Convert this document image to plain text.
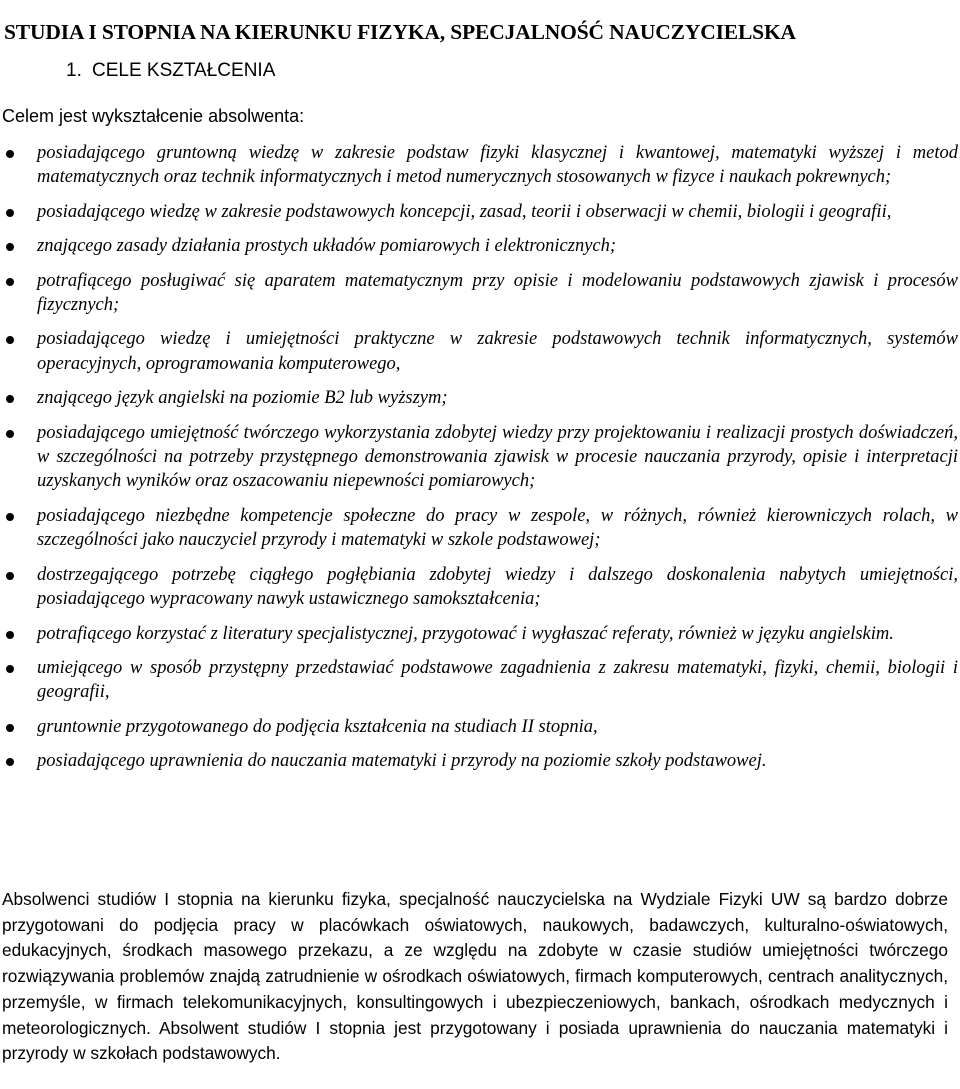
STUDIA I STOPNIA NA KIERUNKU FIZYKA, SPECJALNOŚĆ NAUCZYCIELSKA
1. CELE KSZTAŁCENIA
Celem jest wykształcenie absolwenta:
posiadającego gruntowną wiedzę w zakresie podstaw fizyki klasycznej i kwantowej, matematyki wyższej i metod matematycznych oraz technik informatycznych i metod numerycznych stosowanych w fizyce i naukach pokrewnych;
posiadającego wiedzę w zakresie podstawowych koncepcji, zasad, teorii i obserwacji w chemii, biologii i geografii,
znającego zasady działania prostych układów pomiarowych i elektronicznych;
potrafiącego posługiwać się aparatem matematycznym przy opisie i modelowaniu podstawowych zjawisk i procesów fizycznych;
posiadającego wiedzę i umiejętności praktyczne w zakresie podstawowych technik informatycznych, systemów operacyjnych, oprogramowania komputerowego,
znającego język angielski na poziomie B2 lub wyższym;
posiadającego umiejętność twórczego wykorzystania zdobytej wiedzy przy projektowaniu i realizacji prostych doświadczeń, w szczególności na potrzeby przystępnego demonstrowania zjawisk w procesie nauczania przyrody, opisie i interpretacji uzyskanych wyników oraz oszacowaniu niepewności pomiarowych;
posiadającego niezbędne kompetencje społeczne do pracy w zespole, w różnych, również kierowniczych rolach, w szczególności jako nauczyciel przyrody i matematyki w szkole podstawowej;
dostrzegającego potrzebę ciągłego pogłębiania zdobytej wiedzy i dalszego doskonalenia nabytych umiejętności, posiadającego wypracowany nawyk ustawicznego samokształcenia;
potrafiącego korzystać z literatury specjalistycznej, przygotować i wygłaszać referaty, również w języku angielskim.
umiejącego w sposób przystępny przedstawiać podstawowe zagadnienia z zakresu matematyki, fizyki, chemii, biologii i geografii,
gruntownie przygotowanego do podjęcia kształcenia na studiach II stopnia,
posiadającego uprawnienia do nauczania matematyki i przyrody na poziomie szkoły podstawowej.

Absolwenci studiów I stopnia na kierunku fizyka, specjalność nauczycielska na Wydziale Fizyki UW są bardzo dobrze przygotowani do podjęcia pracy w placówkach oświatowych, naukowych, badawczych, kulturalno-oświatowych, edukacyjnych, środkach masowego przekazu, a ze względu na zdobyte w czasie studiów umiejętności twórczego rozwiązywania problemów znajdą zatrudnienie w ośrodkach oświatowych, firmach komputerowych, centrach analitycznych, przemyśle, w firmach telekomunikacyjnych, konsultingowych i ubezpieczeniowych, bankach, ośrodkach medycznych i meteorologicznych. Absolwent studiów I stopnia jest przygotowany i posiada uprawnienia do nauczania matematyki i przyrody w szkołach podstawowych.
